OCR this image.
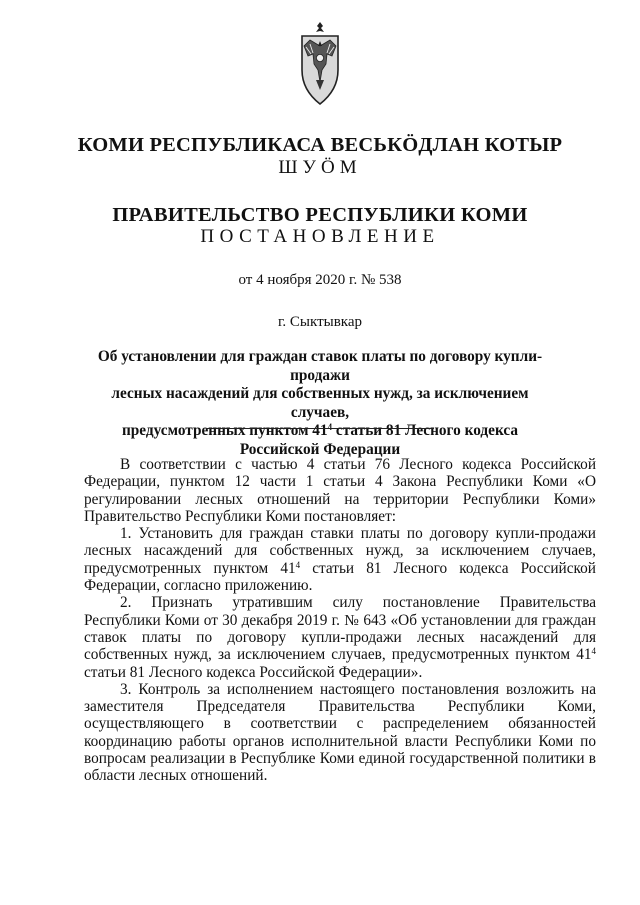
КОМИ РЕСПУБЛИКАСА ВЕСЬКÖДЛАН КОТЫР
ШУÖМ
ПРАВИТЕЛЬСТВО РЕСПУБЛИКИ КОМИ
ПОСТАНОВЛЕНИЕ
от 4 ноября 2020 г. № 538
г. Сыктывкар
Об установлении для граждан ставок платы по договору купли-продажи
лесных насаждений для собственных нужд, за исключением случаев,
предусмотренных пунктом $41^4$ статьи 81 Лесного кодекса
Российской Федерации

В соответствии с частью 4 статьи 76 Лесного кодекса Российской Федерации, пунктом 12 части 1 статьи 4 Закона Республики Коми «О регулировании лесных отношений на территории Республики Коми» Правительство Республики Коми постановляет:

1. Установить для граждан ставки платы по договору купли-продажи лесных насаждений для собственных нужд, за исключением случаев, предусмотренных пунктом $41^4$ статьи 81 Лесного кодекса Российской Федерации, согласно приложению.

2. Признать утратившим силу постановление Правительства Республики Коми от 30 декабря 2019 г. № 643 «Об установлении для граждан ставок платы по договору купли-продажи лесных насаждений для собственных нужд, за исключением случаев, предусмотренных пунктом $41^4$ статьи 81 Лесного кодекса Российской Федерации».

3. Контроль за исполнением настоящего постановления возложить на заместителя Председателя Правительства Республики Коми, осуществляющего в соответствии с распределением обязанностей координацию работы органов исполнительной власти Республики Коми по вопросам реализации в Республике Коми единой государственной политики в области лесных отношений.
